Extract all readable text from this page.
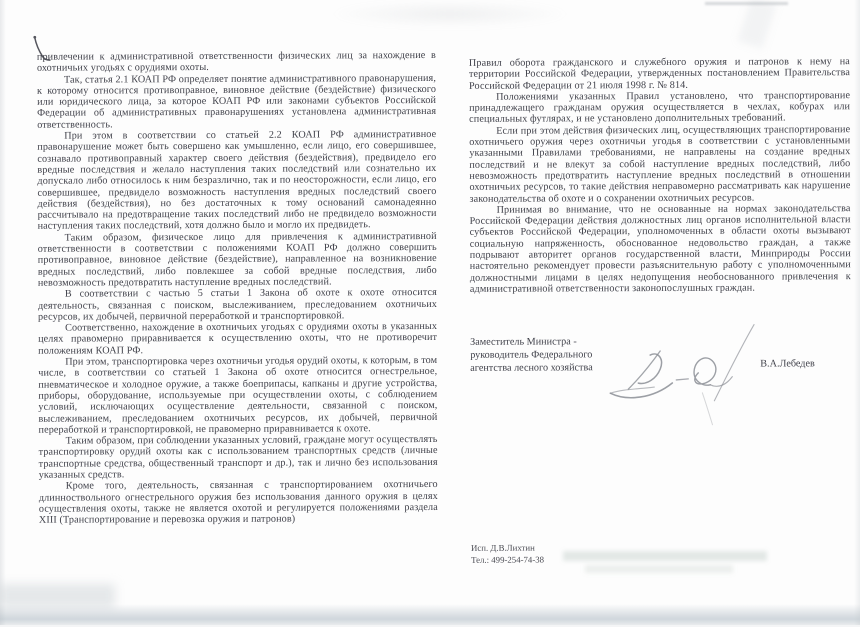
привлечении к административной ответственности физических лиц за нахождение в охотничьих угодьях с орудиями охоты.

Так, статья 2.1 КОАП РФ определяет понятие административного правонарушения, к которому относится противоправное, виновное действие (бездействие) физического или юридического лица, за которое КОАП РФ или законами субъектов Российской Федерации об административных правонарушениях установлена административная ответственность.

При этом в соответствии со статьей 2.2 КОАП РФ административное правонарушение может быть совершено как умышленно, если лицо, его совершившее, сознавало противоправный характер своего действия (бездействия), предвидело его вредные последствия и желало наступления таких последствий или сознательно их допускало либо относилось к ним безразлично, так и по неосторожности, если лицо, его совершившее, предвидело возможность наступления вредных последствий своего действия (бездействия), но без достаточных к тому оснований самонадеянно рассчитывало на предотвращение таких последствий либо не предвидело возможности наступления таких последствий, хотя должно было и могло их предвидеть.

Таким образом, физическое лицо для привлечения к административной ответственности в соответствии с положениями КОАП РФ должно совершить противоправное, виновное действие (бездействие), направленное на возникновение вредных последствий, либо повлекшее за собой вредные последствия, либо невозможность предотвратить наступление вредных последствий.

В соответствии с частью 5 статьи 1 Закона об охоте к охоте относится деятельность, связанная с поиском, выслеживанием, преследованием охотничьих ресурсов, их добычей, первичной переработкой и транспортировкой.

Соответственно, нахождение в охотничьих угодьях с орудиями охоты в указанных целях правомерно приравнивается к осуществлению охоты, что не противоречит положениям КОАП РФ.

При этом, транспортировка через охотничьи угодья орудий охоты, к которым, в том числе, в соответствии со статьей 1 Закона об охоте относится огнестрельное, пневматическое и холодное оружие, а также боеприпасы, капканы и другие устройства, приборы, оборудование, используемые при осуществлении охоты, с соблюдением условий, исключающих осуществление деятельности, связанной с поиском, выслеживанием, преследованием охотничьих ресурсов, их добычей, первичной переработкой и транспортировкой, не правомерно приравнивается к охоте.

Таким образом, при соблюдении указанных условий, граждане могут осуществлять транспортировку орудий охоты как с использованием транспортных средств (личные транспортные средства, общественный транспорт и др.), так и лично без использования указанных средств.

Кроме того, деятельность, связанная с транспортированием охотничьего длинноствольного огнестрельного оружия без использования данного оружия в целях осуществления охоты, также не является охотой и регулируется положениями раздела XIII (Транспортирование и перевозка оружия и патронов)

Правил оборота гражданского и служебного оружия и патронов к нему на территории Российской Федерации, утвержденных постановлением Правительства Российской Федерации от 21 июля 1998 г. № 814.

Положениями указанных Правил установлено, что транспортирование принадлежащего гражданам оружия осуществляется в чехлах, кобурах или специальных футлярах, и не установлено дополнительных требований.

Если при этом действия физических лиц, осуществляющих транспортирование охотничьего оружия через охотничьи угодья в соответствии с установленными указанными Правилами требованиями, не направлены на создание вредных последствий и не влекут за собой наступление вредных последствий, либо невозможность предотвратить наступление вредных последствий в отношении охотничьих ресурсов, то такие действия неправомерно рассматривать как нарушение законодательства об охоте и о сохранении охотничьих ресурсов.

Принимая во внимание, что не основанные на нормах законодательства Российской Федерации действия должностных лиц органов исполнительной власти субъектов Российской Федерации, уполномоченных в области охоты вызывают социальную напряженность, обоснованное недовольство граждан, а также подрывают авторитет органов государственной власти, Минприроды России настоятельно рекомендует провести разъяснительную работу с уполномоченными должностными лицами в целях недопущения необоснованного привлечения к административной ответственности законопослушных граждан.

Заместитель Министра -
руководитель Федерального
агентства лесного хозяйства	В.А.Лебедев
Исп. Д.В.Лихтин
Тел.: 499-254-74-38
